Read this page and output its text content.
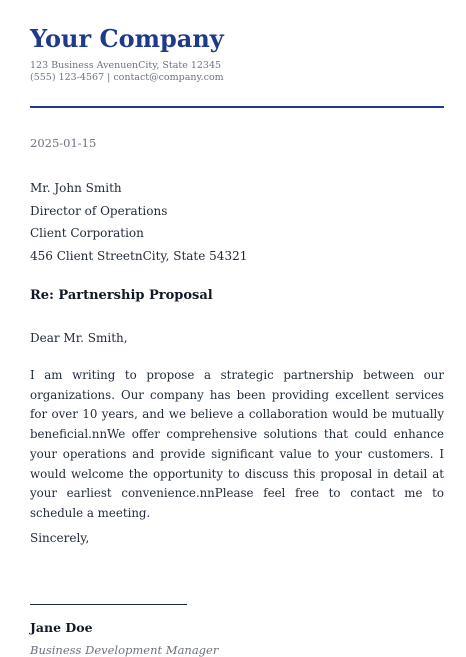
Your Company
123 Business AvenuenCity, State 12345
(555) 123-4567 | contact@company.com
2025-01-15
Mr. John Smith
Director of Operations
Client Corporation
456 Client StreetnCity, State 54321
Re: Partnership Proposal
Dear Mr. Smith,
I am writing to propose a strategic partnership between our organizations. Our company has been providing excellent services for over 10 years, and we believe a collaboration would be mutually beneficial.nnWe offer comprehensive solutions that could enhance your operations and provide significant value to your customers. I would welcome the opportunity to discuss this proposal in detail at your earliest convenience.nnPlease feel free to contact me to schedule a meeting.
Sincerely,
Jane Doe
Business Development Manager
